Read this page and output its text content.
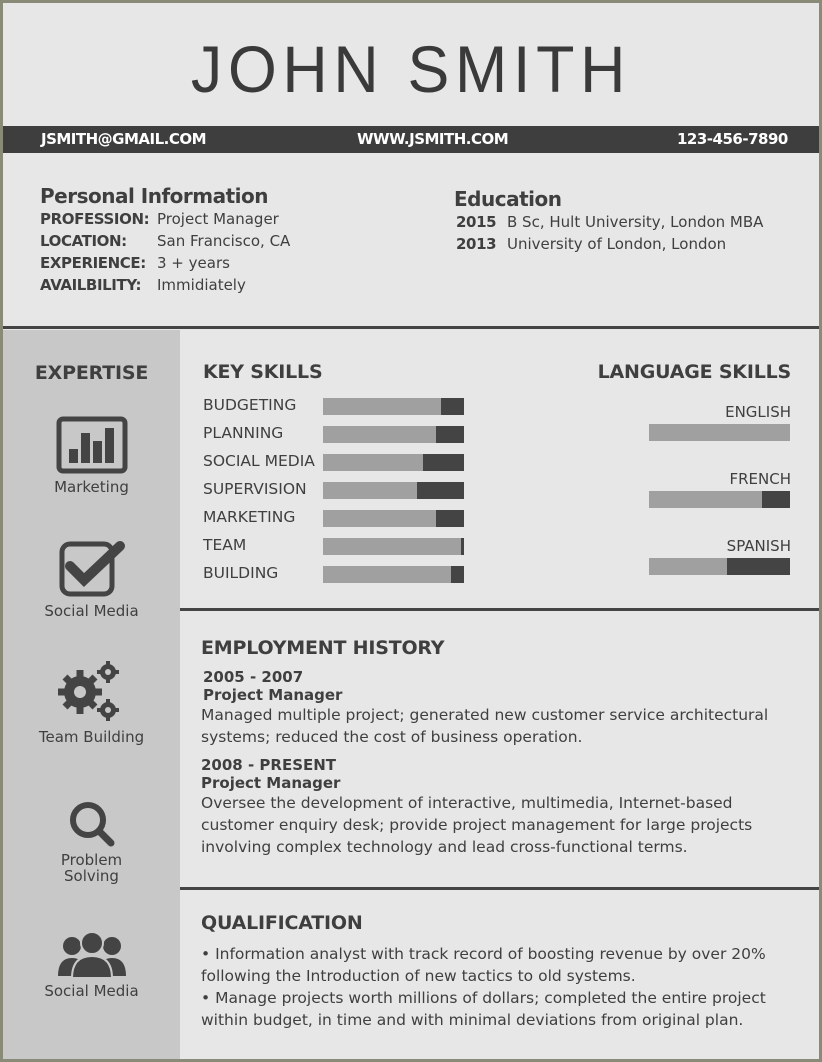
JOHN SMITH
JSMITH@GMAIL.COM	WWW.JSMITH.COM	123-456-7890
Personal Information
PROFESSION: Project Manager
LOCATION: San Francisco, CA
EXPERIENCE: 3 + years
AVAILBILITY: Immidiately
Education
2015 B Sc, Hult University, London MBA
2013 University of London, London
EXPERTISE
Marketing
Social Media
Team Building
Problem Solving
Social Media
KEY SKILLS
BUDGETING
PLANNING
SOCIAL MEDIA
SUPERVISION
MARKETING
TEAM
BUILDING
LANGUAGE SKILLS
ENGLISH
FRENCH
SPANISH
EMPLOYMENT HISTORY
2005 - 2007
Project Manager
Managed multiple project; generated new customer service architectural systems; reduced the cost of business operation.
2008 - PRESENT
Project Manager
Oversee the development of interactive, multimedia, Internet-based customer enquiry desk; provide project management for large projects involving complex technology and lead cross-functional terms.
QUALIFICATION
• Information analyst with track record of boosting revenue by over 20% following the Introduction of new tactics to old systems.
• Manage projects worth millions of dollars; completed the entire project within budget, in time and with minimal deviations from original plan.
